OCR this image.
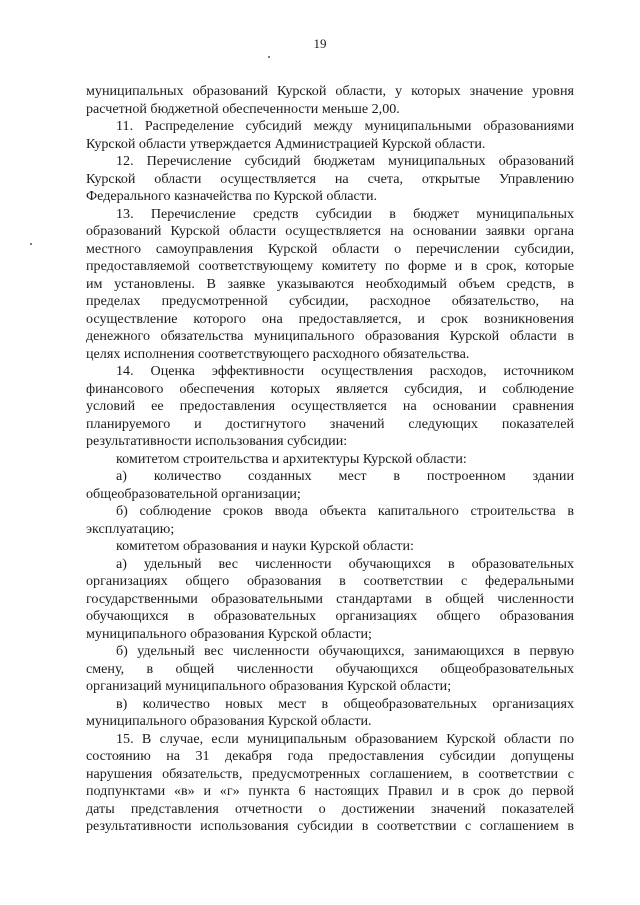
19
муниципальных образований Курской области, у которых значение уровня
расчетной бюджетной обеспеченности меньше 2,00.
11. Распределение субсидий между муниципальными образованиями
Курской области утверждается Администрацией Курской области.
12. Перечисление субсидий бюджетам муниципальных образований
Курской области осуществляется на счета, открытые Управлению
Федерального казначейства по Курской области.
13. Перечисление средств субсидии в бюджет муниципальных
образований Курской области осуществляется на основании заявки органа
местного самоуправления Курской области о перечислении субсидии,
предоставляемой соответствующему комитету по форме и в срок, которые
им установлены. В заявке указываются необходимый объем средств, в
пределах предусмотренной субсидии, расходное обязательство, на
осуществление которого она предоставляется, и срок возникновения
денежного обязательства муниципального образования Курской области в
целях исполнения соответствующего расходного обязательства.
14. Оценка эффективности осуществления расходов, источником
финансового обеспечения которых является субсидия, и соблюдение
условий ее предоставления осуществляется на основании сравнения
планируемого и достигнутого значений следующих показателей
результативности использования субсидии:
комитетом строительства и архитектуры Курской области:
а) количество созданных мест в построенном здании
общеобразовательной организации;
б) соблюдение сроков ввода объекта капитального строительства в
эксплуатацию;
комитетом образования и науки Курской области:
а) удельный вес численности обучающихся в образовательных
организациях общего образования в соответствии с федеральными
государственными образовательными стандартами в общей численности
обучающихся в образовательных организациях общего образования
муниципального образования Курской области;
б) удельный вес численности обучающихся, занимающихся в первую
смену, в общей численности обучающихся общеобразовательных
организаций муниципального образования Курской области;
в) количество новых мест в общеобразовательных организациях
муниципального образования Курской области.
15. В случае, если муниципальным образованием Курской области по
состоянию на 31 декабря года предоставления субсидии допущены
нарушения обязательств, предусмотренных соглашением, в соответствии с
подпунктами «в» и «г» пункта 6 настоящих Правил и в срок до первой
даты представления отчетности о достижении значений показателей
результативности использования субсидии в соответствии с соглашением в
